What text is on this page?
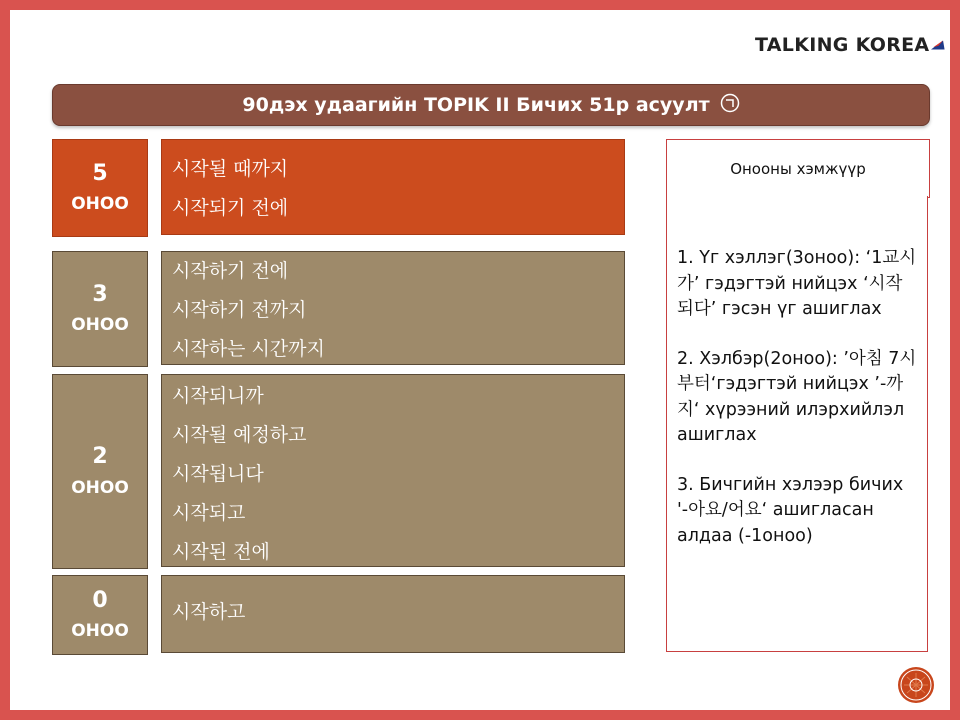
TALKING KOREA
90дэх удаагийн TOPIK II Бичих 51р асуулт
5
ОНОО
시작될 때까지
시작되기 전에
3
ОНОО
시작하기 전에
시작하기 전까지
시작하는 시간까지
2
ОНОО
시작되니까
시작될 예정하고
시작됩니다
시작되고
시작된 전에
0
ОНОО
시작하고
Онооны хэмжүүр
1. Үг хэллэг(3оноо): ‘1교시가’ гэдэгтэй нийцэх ‘시작되다’ гэсэн үг ашиглах
2. Хэлбэр(2оноо): ’아침 7시부터‘гэдэгтэй нийцэх ’-까지‘ хүрээний илэрхийлэл ашиглах
3. Бичгийн хэлээр бичих '-아요/어요‘ ашигласан алдаа (-1оноо)
